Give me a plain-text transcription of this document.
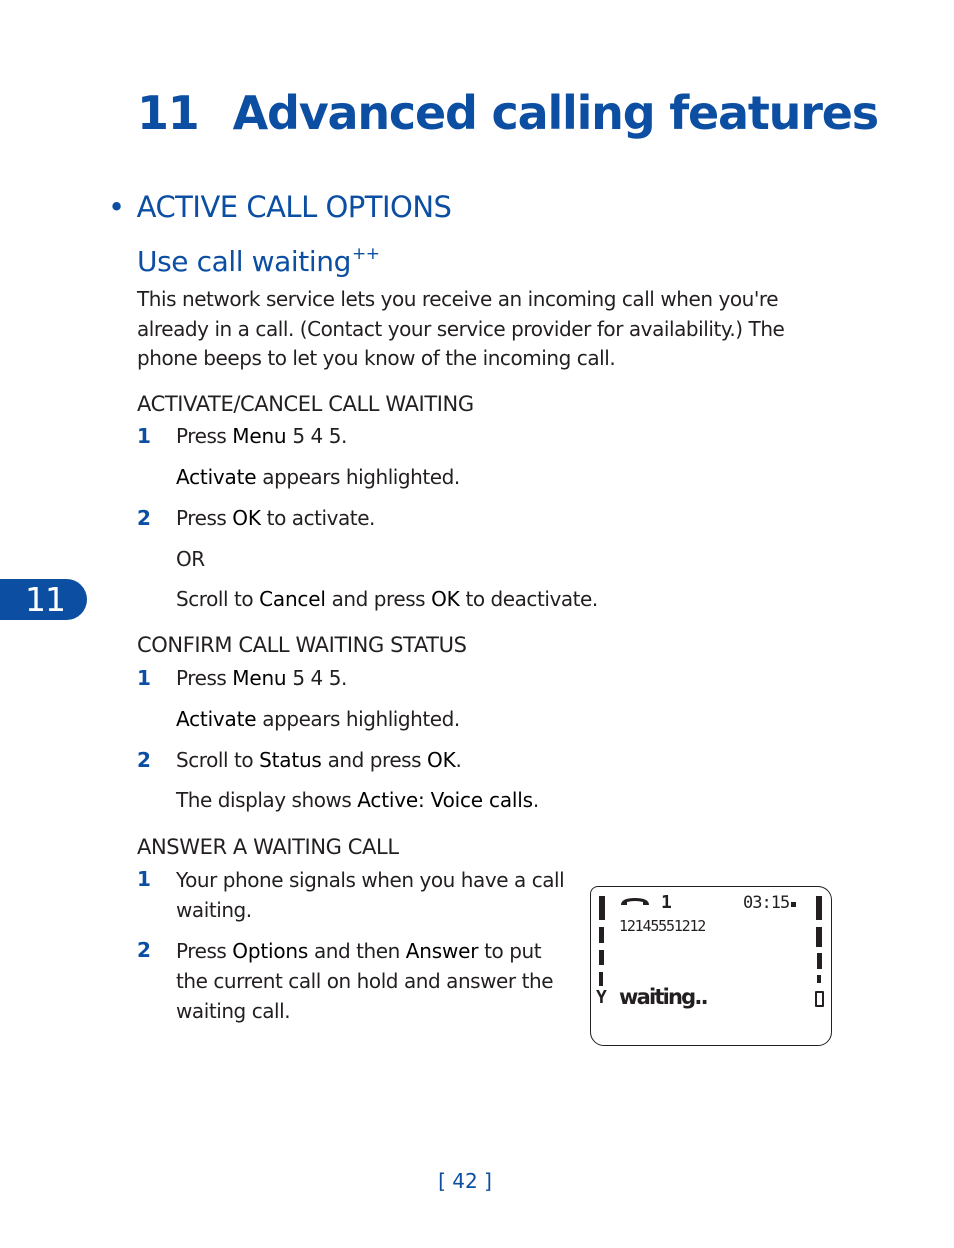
11 Advanced calling features
• ACTIVE CALL OPTIONS
Use call waiting++

This network service lets you receive an incoming call when you're already in a call. (Contact your service provider for availability.) The phone beeps to let you know of the incoming call.

ACTIVATE/CANCEL CALL WAITING
1 Press Menu 5 4 5.
Activate appears highlighted.
2 Press OK to activate.
OR
Scroll to Cancel and press OK to deactivate.
CONFIRM CALL WAITING STATUS
1 Press Menu 5 4 5.
Activate appears highlighted.
2 Scroll to Status and press OK.
The display shows Active: Voice calls.
ANSWER A WAITING CALL
1 Your phone signals when you have a call waiting.
2 Press Options and then Answer to put the current call on hold and answer the waiting call.
Y
1	03:15
12145551212
waiting..
11
[ 42 ]
